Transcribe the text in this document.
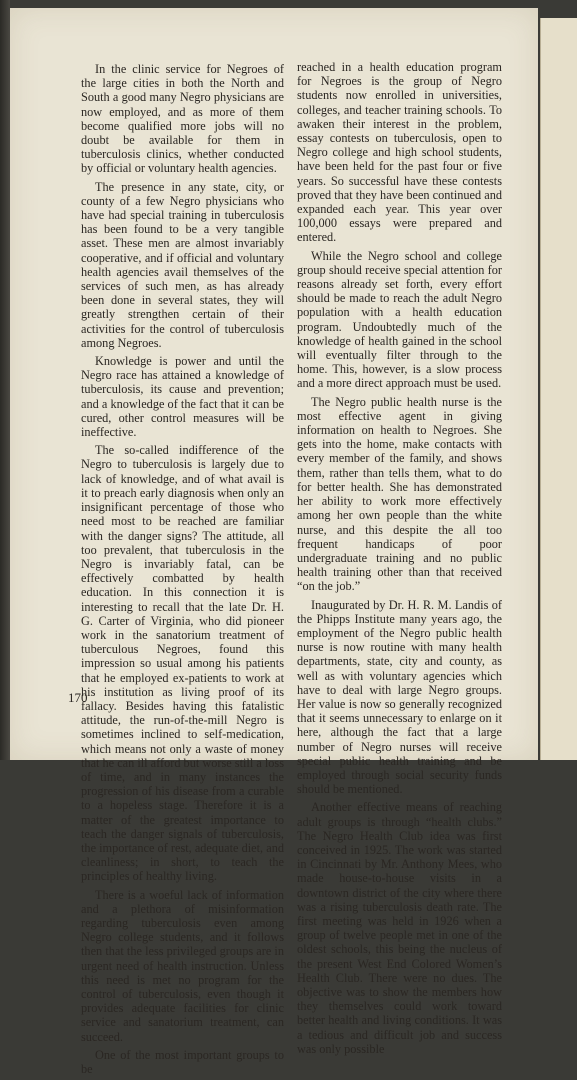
In the clinic service for Negroes of the large cities in both the North and South a good many Negro physicians are now employed, and as more of them become qualified more jobs will no doubt be available for them in tuberculosis clinics, whether conducted by official or voluntary health agencies.

The presence in any state, city, or county of a few Negro physicians who have had special training in tuberculosis has been found to be a very tangible asset. These men are almost invariably cooperative, and if official and voluntary health agencies avail themselves of the services of such men, as has already been done in several states, they will greatly strengthen certain of their activities for the control of tuberculosis among Negroes.

Knowledge is power and until the Negro race has attained a knowledge of tuberculosis, its cause and prevention; and a knowledge of the fact that it can be cured, other control measures will be ineffective.

The so-called indifference of the Negro to tuberculosis is largely due to lack of knowledge, and of what avail is it to preach early diagnosis when only an insignificant percentage of those who need most to be reached are familiar with the danger signs? The attitude, all too prevalent, that tuberculosis in the Negro is invariably fatal, can be effectively combatted by health education. In this connection it is interesting to recall that the late Dr. H. G. Carter of Virginia, who did pioneer work in the sanatorium treatment of tuberculous Negroes, found this impression so usual among his patients that he employed ex-patients to work at his institution as living proof of its fallacy. Besides having this fatalistic attitude, the run-of-the-mill Negro is sometimes inclined to self-medication, which means not only a waste of money that he can ill afford but worse still a loss of time, and in many instances the progression of his disease from a curable to a hopeless stage. Therefore it is a matter of the greatest importance to teach the danger signals of tuberculosis, the importance of rest, adequate diet, and cleanliness; in short, to teach the principles of healthy living.

There is a woeful lack of information and a plethora of misinformation regarding tuberculosis even among Negro college students, and it follows then that the less privileged groups are in urgent need of health instruction. Unless this need is met no program for the control of tuberculosis, even though it provides adequate facilities for clinic service and sanatorium treatment, can succeed.

One of the most important groups to be

reached in a health education program for Negroes is the group of Negro students now enrolled in universities, colleges, and teacher training schools. To awaken their interest in the problem, essay contests on tuberculosis, open to Negro college and high school students, have been held for the past four or five years. So successful have these contests proved that they have been continued and expanded each year. This year over 100,000 essays were prepared and entered.

While the Negro school and college group should receive special attention for reasons already set forth, every effort should be made to reach the adult Negro population with a health education program. Undoubtedly much of the knowledge of health gained in the school will eventually filter through to the home. This, however, is a slow process and a more direct approach must be used.

The Negro public health nurse is the most effective agent in giving information on health to Negroes. She gets into the home, make contacts with every member of the family, and shows them, rather than tells them, what to do for better health. She has demonstrated her ability to work more effectively among her own people than the white nurse, and this despite the all too frequent handicaps of poor undergraduate training and no public health training other than that received “on the job.”

Inaugurated by Dr. H. R. M. Landis of the Phipps Institute many years ago, the employment of the Negro public health nurse is now routine with many health departments, state, city and county, as well as with voluntary agencies which have to deal with large Negro groups. Her value is now so generally recognized that it seems unnecessary to enlarge on it here, although the fact that a large number of Negro nurses will receive special public health training and be employed through social security funds should be mentioned.

Another effective means of reaching adult groups is through “health clubs.” The Negro Health Club idea was first conceived in 1925. The work was started in Cincinnati by Mr. Anthony Mees, who made house-to-house visits in a downtown district of the city where there was a rising tuberculosis death rate. The first meeting was held in 1926 when a group of twelve people met in one of the oldest schools, this being the nucleus of the present West End Colored Women’s Health Club. There were no dues. The objective was to show the members how they themselves could work toward better health and living conditions. It was a tedious and difficult job and success was only possible

170
